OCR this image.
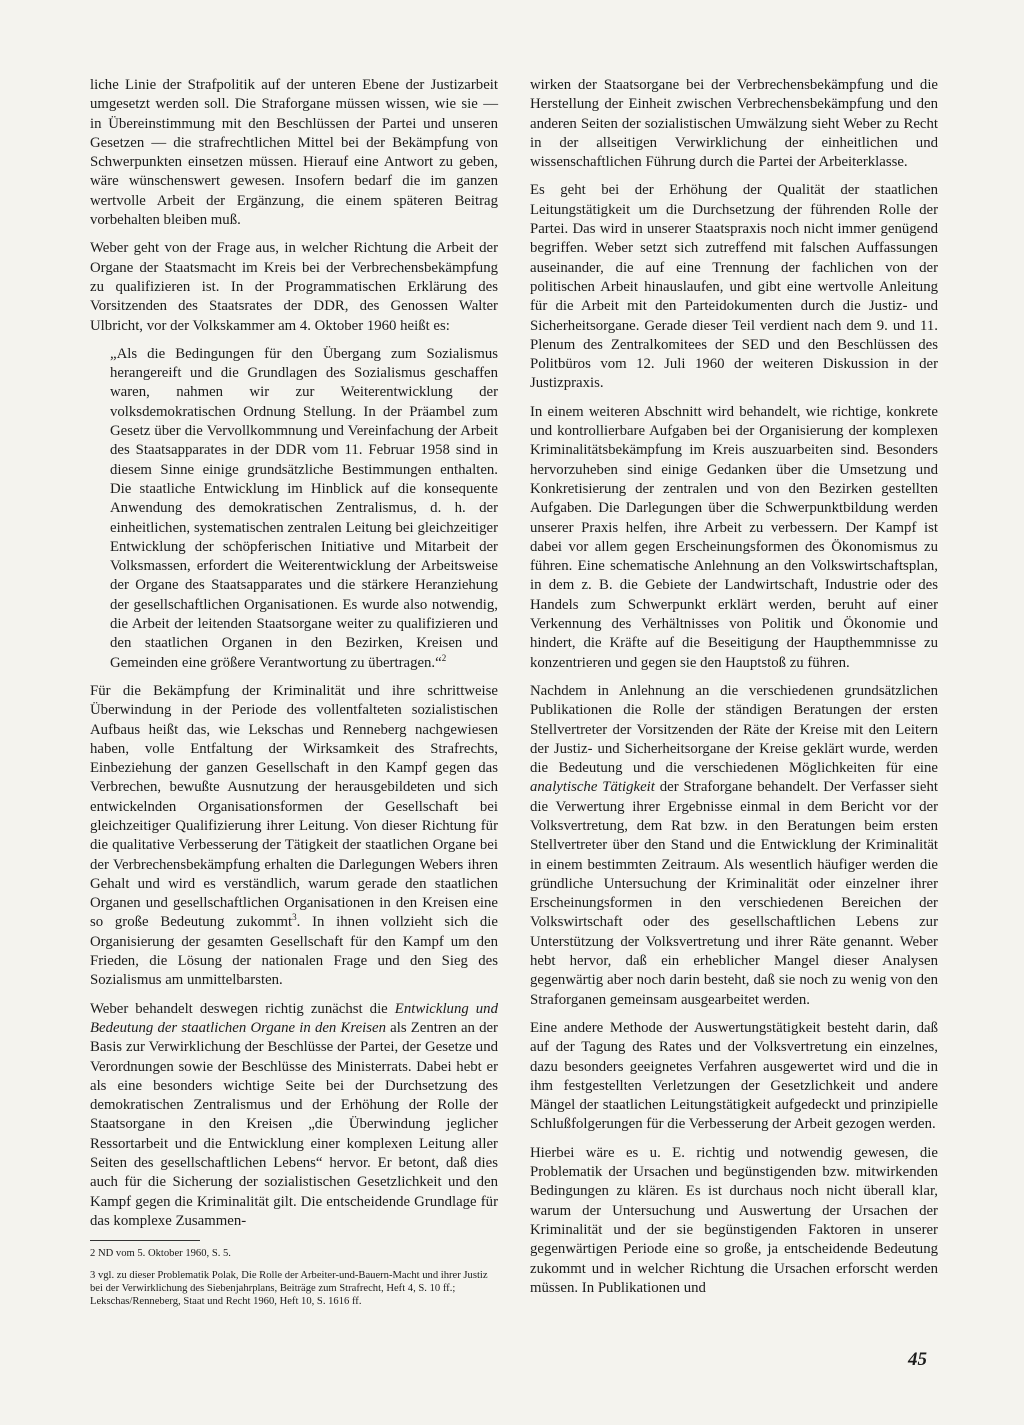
liche Linie der Strafpolitik auf der unteren Ebene der Justizarbeit umgesetzt werden soll. Die Straforgane müssen wissen, wie sie — in Übereinstimmung mit den Beschlüssen der Partei und unseren Gesetzen — die strafrechtlichen Mittel bei der Bekämpfung von Schwerpunkten einsetzen müssen. Hierauf eine Antwort zu geben, wäre wünschenswert gewesen. Insofern bedarf die im ganzen wertvolle Arbeit der Ergänzung, die einem späteren Beitrag vorbehalten bleiben muß.

Weber geht von der Frage aus, in welcher Richtung die Arbeit der Organe der Staatsmacht im Kreis bei der Verbrechensbekämpfung zu qualifizieren ist. In der Programmatischen Erklärung des Vorsitzenden des Staatsrates der DDR, des Genossen Walter Ulbricht, vor der Volkskammer am 4. Oktober 1960 heißt es:

„Als die Bedingungen für den Übergang zum Sozialismus herangereift und die Grundlagen des Sozialismus geschaffen waren, nahmen wir zur Weiterentwicklung der volksdemokratischen Ordnung Stellung. In der Präambel zum Gesetz über die Vervollkommnung und Vereinfachung der Arbeit des Staatsapparates in der DDR vom 11. Februar 1958 sind in diesem Sinne einige grundsätzliche Bestimmungen enthalten. Die staatliche Entwicklung im Hinblick auf die konsequente Anwendung des demokratischen Zentralismus, d. h. der einheitlichen, systematischen zentralen Leitung bei gleichzeitiger Entwicklung der schöpferischen Initiative und Mitarbeit der Volksmassen, erfordert die Weiterentwicklung der Arbeitsweise der Organe des Staatsapparates und die stärkere Heranziehung der gesellschaftlichen Organisationen. Es wurde also notwendig, die Arbeit der leitenden Staatsorgane weiter zu qualifizieren und den staatlichen Organen in den Bezirken, Kreisen und Gemeinden eine größere Verantwortung zu übertragen.“$^2$

Für die Bekämpfung der Kriminalität und ihre schrittweise Überwindung in der Periode des vollentfalteten sozialistischen Aufbaus heißt das, wie Lekschas und Renneberg nachgewiesen haben, volle Entfaltung der Wirksamkeit des Strafrechts, Einbeziehung der ganzen Gesellschaft in den Kampf gegen das Verbrechen, bewußte Ausnutzung der herausgebildeten und sich entwickelnden Organisationsformen der Gesellschaft bei gleichzeitiger Qualifizierung ihrer Leitung. Von dieser Richtung für die qualitative Verbesserung der Tätigkeit der staatlichen Organe bei der Verbrechensbekämpfung erhalten die Darlegungen Webers ihren Gehalt und wird es verständlich, warum gerade den staatlichen Organen und gesellschaftlichen Organisationen in den Kreisen eine so große Bedeutung zukommt$^3$. In ihnen vollzieht sich die Organisierung der gesamten Gesellschaft für den Kampf um den Frieden, die Lösung der nationalen Frage und den Sieg des Sozialismus am unmittelbarsten.

Weber behandelt deswegen richtig zunächst die Entwicklung und Bedeutung der staatlichen Organe in den Kreisen als Zentren an der Basis zur Verwirklichung der Beschlüsse der Partei, der Gesetze und Verordnungen sowie der Beschlüsse des Ministerrats. Dabei hebt er als eine besonders wichtige Seite bei der Durchsetzung des demokratischen Zentralismus und der Erhöhung der Rolle der Staatsorgane in den Kreisen „die Überwindung jeglicher Ressortarbeit und die Entwicklung einer komplexen Leitung aller Seiten des gesellschaftlichen Lebens“ hervor. Er betont, daß dies auch für die Sicherung der sozialistischen Gesetzlichkeit und den Kampf gegen die Kriminalität gilt. Die entscheidende Grundlage für das komplexe Zusammen-

2 ND vom 5. Oktober 1960, S. 5.

3 vgl. zu dieser Problematik Polak, Die Rolle der Arbeiter-und-Bauern-Macht und ihrer Justiz bei der Verwirklichung des Siebenjahrplans, Beiträge zum Strafrecht, Heft 4, S. 10 ff.; Lekschas/Renneberg, Staat und Recht 1960, Heft 10, S. 1616 ff.

wirken der Staatsorgane bei der Verbrechensbekämpfung und die Herstellung der Einheit zwischen Verbrechensbekämpfung und den anderen Seiten der sozialistischen Umwälzung sieht Weber zu Recht in der allseitigen Verwirklichung der einheitlichen und wissenschaftlichen Führung durch die Partei der Arbeiterklasse.

Es geht bei der Erhöhung der Qualität der staatlichen Leitungstätigkeit um die Durchsetzung der führenden Rolle der Partei. Das wird in unserer Staatspraxis noch nicht immer genügend begriffen. Weber setzt sich zutreffend mit falschen Auffassungen auseinander, die auf eine Trennung der fachlichen von der politischen Arbeit hinauslaufen, und gibt eine wertvolle Anleitung für die Arbeit mit den Parteidokumenten durch die Justiz- und Sicherheitsorgane. Gerade dieser Teil verdient nach dem 9. und 11. Plenum des Zentralkomitees der SED und den Beschlüssen des Politbüros vom 12. Juli 1960 der weiteren Diskussion in der Justizpraxis.

In einem weiteren Abschnitt wird behandelt, wie richtige, konkrete und kontrollierbare Aufgaben bei der Organisierung der komplexen Kriminalitätsbekämpfung im Kreis auszuarbeiten sind. Besonders hervorzuheben sind einige Gedanken über die Umsetzung und Konkretisierung der zentralen und von den Bezirken gestellten Aufgaben. Die Darlegungen über die Schwerpunktbildung werden unserer Praxis helfen, ihre Arbeit zu verbessern. Der Kampf ist dabei vor allem gegen Erscheinungsformen des Ökonomismus zu führen. Eine schematische Anlehnung an den Volkswirtschaftsplan, in dem z. B. die Gebiete der Landwirtschaft, Industrie oder des Handels zum Schwerpunkt erklärt werden, beruht auf einer Verkennung des Verhältnisses von Politik und Ökonomie und hindert, die Kräfte auf die Beseitigung der Haupthemmnisse zu konzentrieren und gegen sie den Hauptstoß zu führen.

Nachdem in Anlehnung an die verschiedenen grundsätzlichen Publikationen die Rolle der ständigen Beratungen der ersten Stellvertreter der Vorsitzenden der Räte der Kreise mit den Leitern der Justiz- und Sicherheitsorgane der Kreise geklärt wurde, werden die Bedeutung und die verschiedenen Möglichkeiten für eine analytische Tätigkeit der Straforgane behandelt. Der Verfasser sieht die Verwertung ihrer Ergebnisse einmal in dem Bericht vor der Volksvertretung, dem Rat bzw. in den Beratungen beim ersten Stellvertreter über den Stand und die Entwicklung der Kriminalität in einem bestimmten Zeitraum. Als wesentlich häufiger werden die gründliche Untersuchung der Kriminalität oder einzelner ihrer Erscheinungsformen in den verschiedenen Bereichen der Volkswirtschaft oder des gesellschaftlichen Lebens zur Unterstützung der Volksvertretung und ihrer Räte genannt. Weber hebt hervor, daß ein erheblicher Mangel dieser Analysen gegenwärtig aber noch darin besteht, daß sie noch zu wenig von den Straforganen gemeinsam ausgearbeitet werden.

Eine andere Methode der Auswertungstätigkeit besteht darin, daß auf der Tagung des Rates und der Volksvertretung ein einzelnes, dazu besonders geeignetes Verfahren ausgewertet wird und die in ihm festgestellten Verletzungen der Gesetzlichkeit und andere Mängel der staatlichen Leitungstätigkeit aufgedeckt und prinzipielle Schlußfolgerungen für die Verbesserung der Arbeit gezogen werden.

Hierbei wäre es u. E. richtig und notwendig gewesen, die Problematik der Ursachen und begünstigenden bzw. mitwirkenden Bedingungen zu klären. Es ist durchaus noch nicht überall klar, warum der Untersuchung und Auswertung der Ursachen der Kriminalität und der sie begünstigenden Faktoren in unserer gegenwärtigen Periode eine so große, ja entscheidende Bedeutung zukommt und in welcher Richtung die Ursachen erforscht werden müssen. In Publikationen und

45
